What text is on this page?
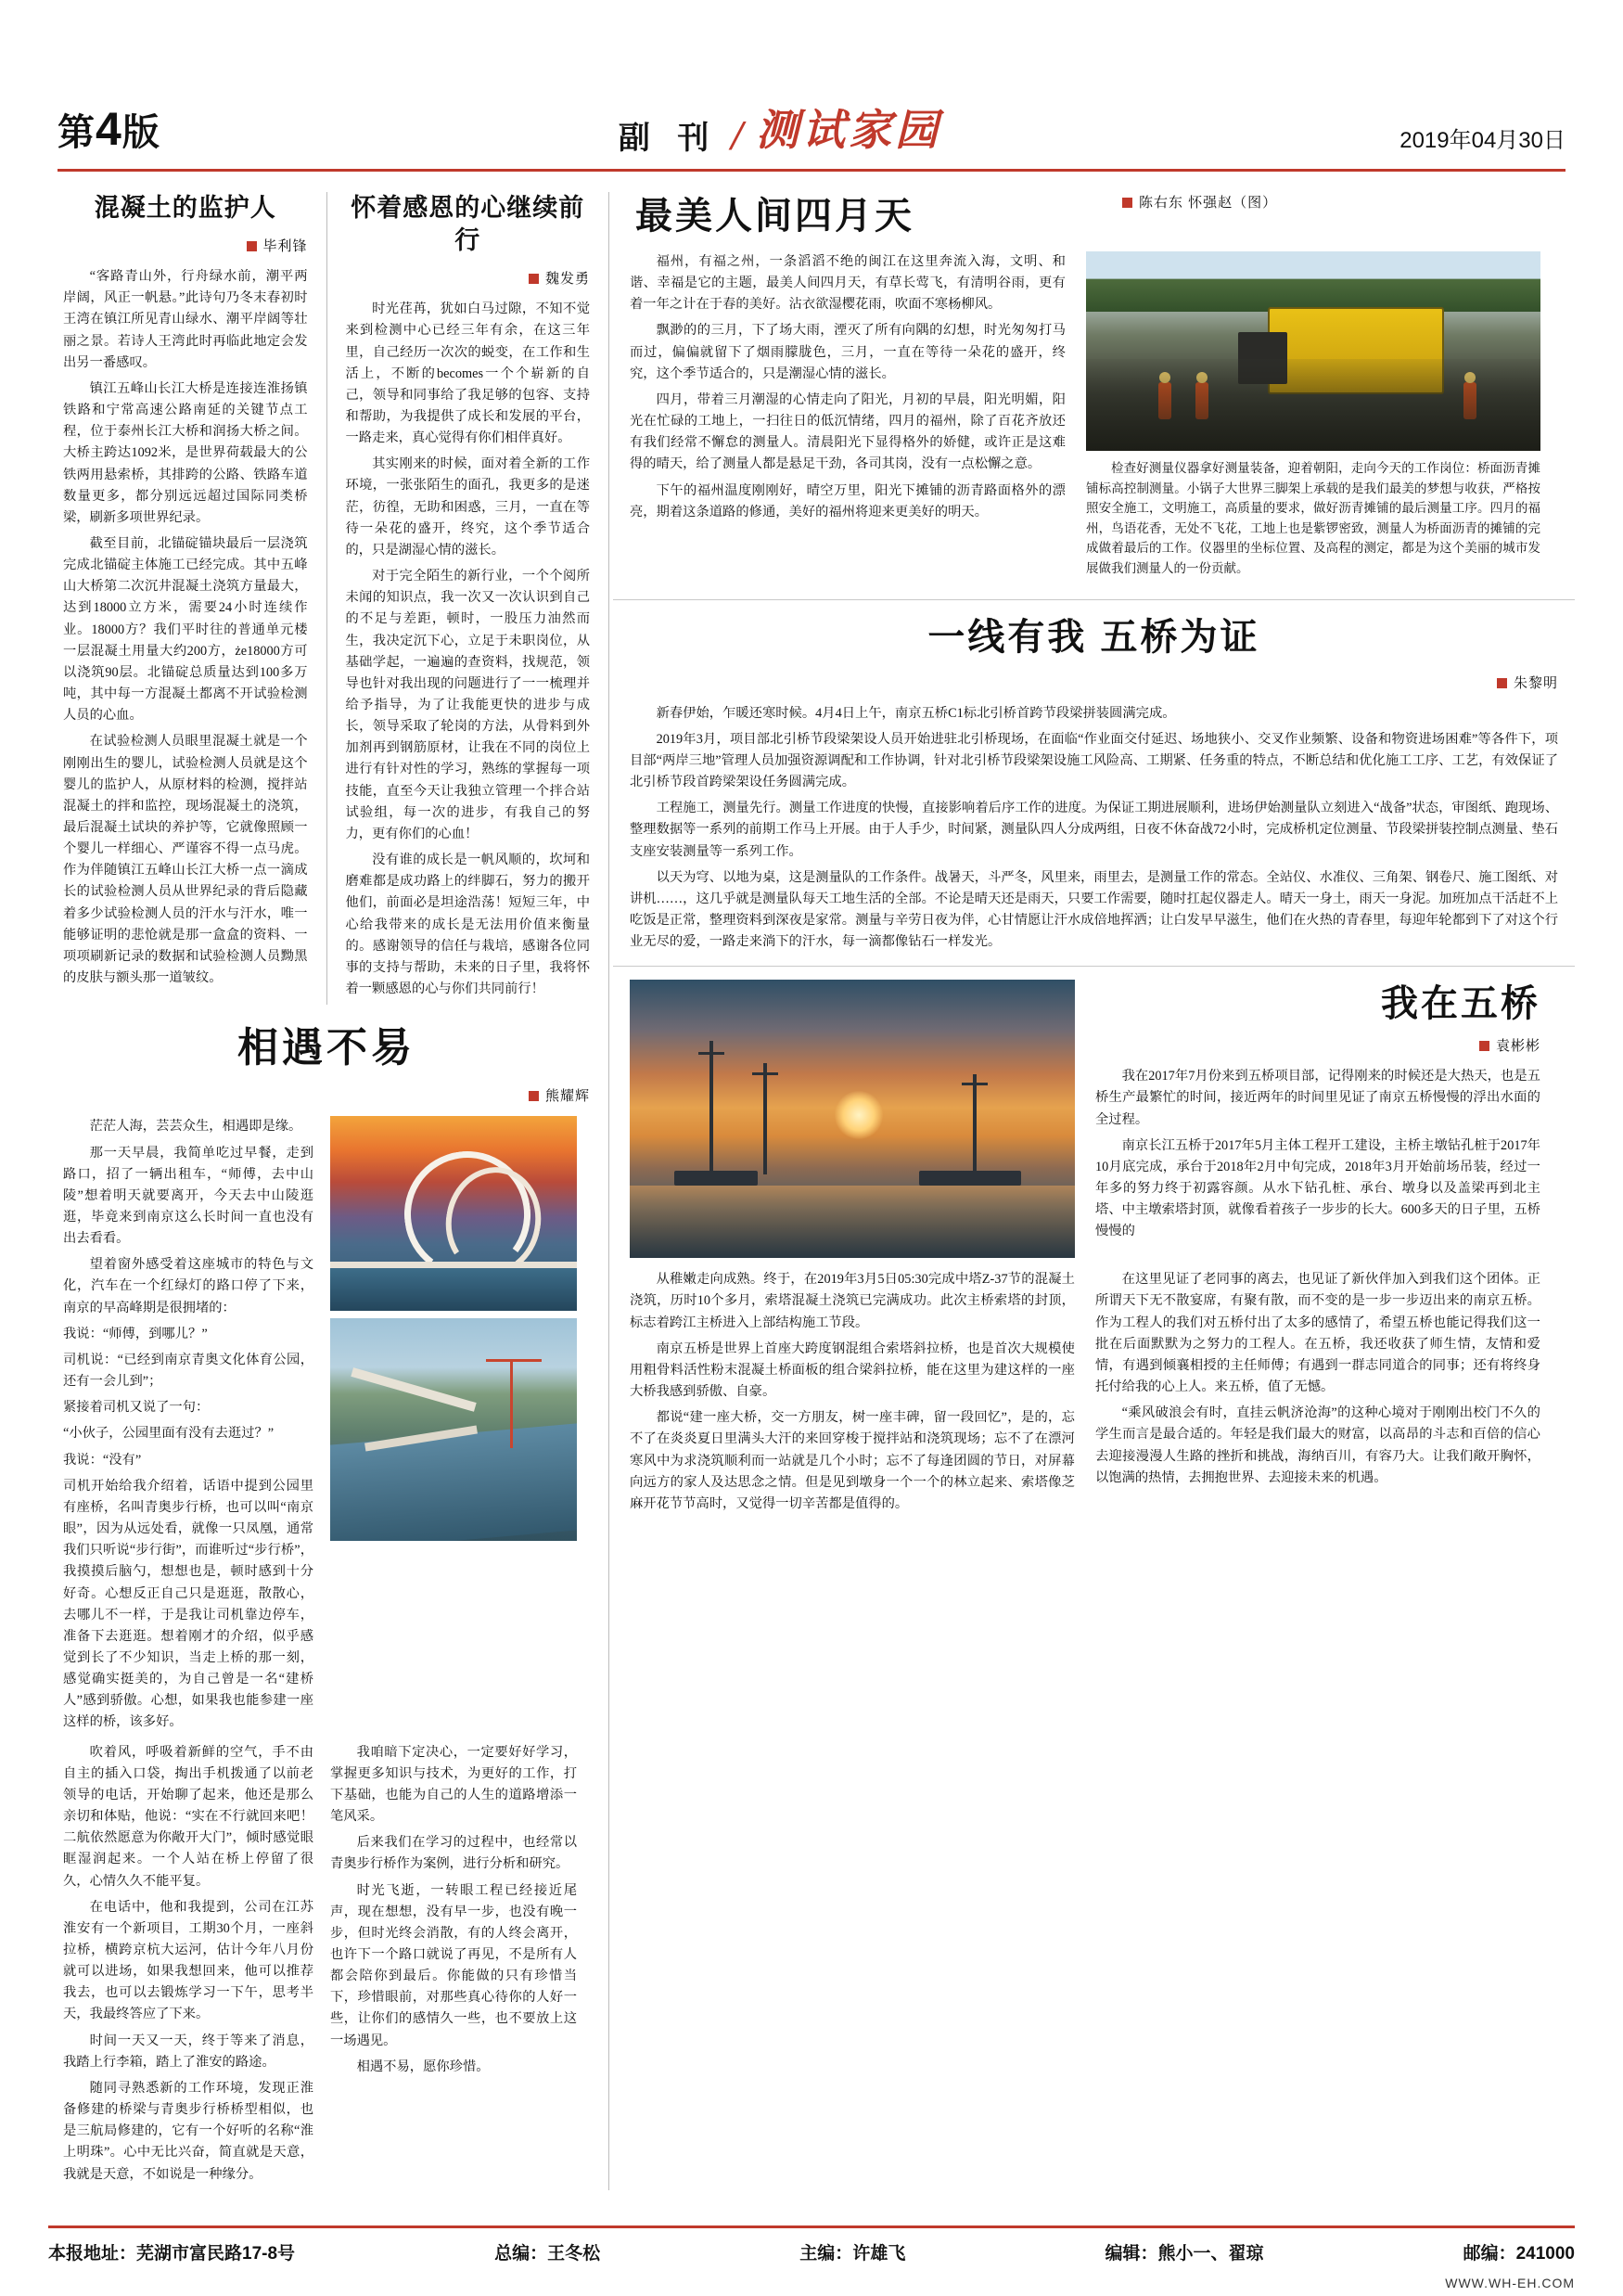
第4版	副 刊 / 测试家园	2019年04月30日
混凝土的监护人
毕利锋

“客路青山外，行舟绿水前，潮平两岸阔，风正一帆悬。”此诗句乃冬末春初时王湾在镇江所见青山绿水、潮平岸阔等壮丽之景。若诗人王湾此时再临此地定会发出另一番感叹。

镇江五峰山长江大桥是连接连淮扬镇铁路和宁常高速公路南延的关键节点工程，位于泰州长江大桥和润扬大桥之间。大桥主跨达1092米，是世界荷载最大的公铁两用悬索桥，其排跨的公路、铁路车道数量更多，都分别远远超过国际同类桥梁，刷新多项世界纪录。

截至目前，北锚碇锚块最后一层浇筑完成北锚碇主体施工已经完成。其中五峰山大桥第二次沉井混凝土浇筑方量最大，达到18000立方米，需要24小时连续作业。18000方？我们平时往的普通单元楼一层混凝土用量大约200方，że18000方可以浇筑90层。北锚碇总质量达到100多万吨，其中每一方混凝土都离不开试验检测人员的心血。

在试验检测人员眼里混凝土就是一个刚刚出生的婴儿，试验检测人员就是这个婴儿的监护人，从原材料的检测，搅拌站混凝土的拌和监控，现场混凝土的浇筑，最后混凝土试块的养护等，它就像照顾一个婴儿一样细心、严谨容不得一点马虎。作为伴随镇江五峰山长江大桥一点一滴成长的试验检测人员从世界纪录的背后隐藏着多少试验检测人员的汗水与汗水，唯一能够证明的悲怆就是那一盒盒的资料、一项项刷新记录的数据和试验检测人员黝黑的皮肤与额头那一道皱纹。

怀着感恩的心继续前行
魏发勇

时光荏苒，犹如白马过隙，不知不觉来到检测中心已经三年有余，在这三年里，自己经历一次次的蜕变，在工作和生活上，不断的becomes一个个崭新的自己，领导和同事给了我足够的包容、支持和帮助，为我提供了成长和发展的平台，一路走来，真心觉得有你们相伴真好。

其实刚来的时候，面对着全新的工作环境，一张张陌生的面孔，我更多的是迷茫，彷徨，无助和困惑，三月，一直在等待一朵花的盛开，终究，这个季节适合的，只是湖湿心情的滋长。

对于完全陌生的新行业，一个个阅所未闻的知识点，我一次又一次认识到自己的不足与差距，顿时，一股压力油然而生，我决定沉下心，立足于未职岗位，从基础学起，一遍遍的查资料，找规范，领导也针对我出现的问题进行了一一梳理并给予指导，为了让我能更快的进步与成长，领导采取了轮岗的方法，从骨料到外加剂再到钢筋原材，让我在不同的岗位上进行有针对性的学习，熟练的掌握每一项技能，直至今天让我独立管理一个拌合站试验组，每一次的进步，有我自己的努力，更有你们的心血！

没有谁的成长是一帆风顺的，坎坷和磨难都是成功路上的绊脚石，努力的搬开他们，前面必是坦途浩荡！短短三年，中心给我带来的成长是无法用价值来衡量的。感谢领导的信任与栽培，感谢各位同事的支持与帮助，未来的日子里，我将怀着一颗感恩的心与你们共同前行！

相遇不易
熊耀辉

茫茫人海，芸芸众生，相遇即是缘。

那一天早晨，我简单吃过早餐，走到路口，招了一辆出租车，“师傅，去中山陵”想着明天就要离开，今天去中山陵逛逛，毕竟来到南京这么长时间一直也没有出去看看。

望着窗外感受着这座城市的特色与文化，汽车在一个红绿灯的路口停了下来，南京的早高峰期是很拥堵的：

我说：“师傅，到哪儿？”

司机说：“已经到南京青奥文化体育公园，还有一会儿到”；

紧接着司机又说了一句：

“小伙子，公园里面有没有去逛过？”

我说：“没有”

司机开始给我介绍着，话语中提到公园里有座桥，名叫青奥步行桥，也可以叫“南京眼”，因为从远处看，就像一只凤凰，通常我们只听说“步行街”，而谁听过“步行桥”，我摸摸后脑勺，想想也是，顿时感到十分好奇。心想反正自己只是逛逛，散散心，去哪儿不一样，于是我让司机靠边停车，准备下去逛逛。想着刚才的介绍，似乎感觉到长了不少知识，当走上桥的那一刻，感觉确实挺美的，为自己曾是一名“建桥人”感到骄傲。心想，如果我也能参建一座这样的桥，该多好。

吹着风，呼吸着新鲜的空气，手不由自主的插入口袋，掏出手机拨通了以前老领导的电话，开始聊了起来，他还是那么亲切和体贴，他说：“实在不行就回来吧！二航依然愿意为你敞开大门”，倾时感觉眼眶湿润起来。一个人站在桥上停留了很久，心情久久不能平复。

在电话中，他和我提到，公司在江苏淮安有一个新项目，工期30个月，一座斜拉桥，横跨京杭大运河，估计今年八月份就可以进场，如果我想回来，他可以推荐我去，也可以去锻炼学习一下午，思考半天，我最终答应了下来。

时间一天又一天，终于等来了消息，我踏上行李箱，踏上了淮安的路途。

随同寻熟悉新的工作环境，发现正淮备修建的桥梁与青奥步行桥桥型相似，也是三航局修建的，它有一个好听的名称“淮上明珠”。心中无比兴奋，简直就是天意，我就是天意，不如说是一种缘分。

我咱暗下定决心，一定要好好学习，掌握更多知识与技术，为更好的工作，打下基础，也能为自己的人生的道路增添一笔风采。

后来我们在学习的过程中，也经常以青奥步行桥作为案例，进行分析和研究。

时光飞逝，一转眼工程已经接近尾声，现在想想，没有早一步，也没有晚一步，但时光终会消散，有的人终会离开，也许下一个路口就说了再见，不是所有人都会陪你到最后。你能做的只有珍惜当下，珍惜眼前，对那些真心待你的人好一些，让你们的感情久一些，也不要放上这一场遇见。

相遇不易，愿你珍惜。

最美人间四月天	陈右东 怀强赵（图）

福州，有福之州，一条滔滔不绝的闽江在这里奔流入海，文明、和谐、幸福是它的主题，最美人间四月天，有草长莺飞，有清明谷雨，更有着一年之计在于春的美好。沾衣欲湿樱花雨，吹面不寒杨柳风。

飘渺的的三月，下了场大雨，湮灭了所有向隅的幻想，时光匆匆打马而过，偏偏就留下了烟雨朦胧色，三月，一直在等待一朵花的盛开，终究，这个季节适合的，只是潮湿心情的滋长。

四月，带着三月潮湿的心情走向了阳光，月初的早晨，阳光明媚，阳光在忙碌的工地上，一扫往日的低沉情绪，四月的福州，除了百花齐放还有我们经常不懈怠的测量人。清晨阳光下显得格外的娇健，或许正是这难得的晴天，给了测量人都是悬足干劲，各司其岗，没有一点松懈之意。

下午的福州温度刚刚好，晴空万里，阳光下摊铺的沥青路面格外的漂亮，期着这条道路的修通，美好的福州将迎来更美好的明天。

检查好测量仪器拿好测量装备，迎着朝阳，走向今天的工作岗位：桥面沥青摊铺标高控制测量。小锅子大世界三脚架上承载的是我们最美的梦想与收获，严格按照安全施工，文明施工，高质量的要求，做好沥青摊铺的最后测量工序。四月的福州，鸟语花香，无处不飞花，工地上也是紫锣密致，测量人为桥面沥青的摊铺的完成做着最后的工作。仪器里的坐标位置、及高程的测定，都是为这个美丽的城市发展做我们测量人的一份贡献。

一线有我 五桥为证
朱黎明

新春伊始，乍暖还寒时候。4月4日上午，南京五桥C1标北引桥首跨节段梁拼装圆满完成。

2019年3月，项目部北引桥节段梁架设人员开始进驻北引桥现场，在面临“作业面交付延迟、场地狭小、交叉作业频繁、设备和物资进场困难”等各件下，项目部“两岸三地”管理人员加强资源调配和工作协调，针对北引桥节段梁架设施工风险高、工期紧、任务重的特点，不断总结和优化施工工序、工艺，有效保证了北引桥节段首跨梁架设任务圆满完成。

工程施工，测量先行。测量工作进度的快慢，直接影响着后序工作的进度。为保证工期进展顺利，进场伊始测量队立刻进入“战备”状态，审图纸、跑现场、整理数据等一系列的前期工作马上开展。由于人手少，时间紧，测量队四人分成两组，日夜不休奋战72小时，完成桥机定位测量、节段梁拼装控制点测量、垫石支座安装测量等一系列工作。

以天为穹、以地为桌，这是测量队的工作条件。战暑天，斗严冬，风里来，雨里去，是测量工作的常态。全站仪、水准仪、三角架、钢卷尺、施工图纸、对讲机……，这几乎就是测量队每天工地生活的全部。不论是晴天还是雨天，只要工作需要，随时扛起仪器走人。晴天一身土，雨天一身泥。加班加点干活赶不上吃饭是正常，整理资料到深夜是家常。测量与辛劳日夜为伴，心甘情愿让汗水成倍地挥洒；让白发早早滋生，他们在火热的青春里，每迎年轮都到下了对这个行业无尽的爱，一路走来淌下的汗水，每一滴都像钻石一样发光。

我在五桥
袁彬彬

我在2017年7月份来到五桥项目部，记得刚来的时候还是大热天，也是五桥生产最繁忙的时间，接近两年的时间里见证了南京五桥慢慢的浮出水面的全过程。

南京长江五桥于2017年5月主体工程开工建设，主桥主墩钻孔桩于2017年10月底完成，承台于2018年2月中旬完成，2018年3月开始前场吊装，经过一年多的努力终于初露容颜。从水下钻孔桩、承台、墩身以及盖梁再到北主塔、中主墩索塔封顶，就像看着孩子一步步的长大。600多天的日子里，五桥慢慢的

从稚嫩走向成熟。终于，在2019年3月5日05:30完成中塔Z-37节的混凝土浇筑，历时10个多月，索塔混凝土浇筑已完满成功。此次主桥索塔的封顶，标志着跨江主桥进入上部结构施工节段。

南京五桥是世界上首座大跨度钢混组合索塔斜拉桥，也是首次大规模使用粗骨料活性粉末混凝土桥面板的组合梁斜拉桥，能在这里为建这样的一座大桥我感到骄傲、自豪。

都说“建一座大桥，交一方朋友，树一座丰碑，留一段回忆”，是的，忘不了在炎炎夏日里满头大汗的来回穿梭于搅拌站和浇筑现场；忘不了在漂河寒风中为求浇筑顺利而一站就是几个小时；忘不了每逢团圆的节日，对屏幕向远方的家人及达思念之情。但是见到墩身一个一个的林立起来、索塔像芝麻开花节节高时，又觉得一切辛苦都是值得的。

在这里见证了老同事的离去，也见证了新伙伴加入到我们这个团体。正所谓天下无不散宴席，有聚有散，而不变的是一步一步迈出来的南京五桥。作为工程人的我们对五桥付出了太多的感情了，希望五桥也能记得我们这一批在后面默默为之努力的工程人。在五桥，我还收获了师生情，友情和爱情，有遇到倾襄相授的主任师傅；有遇到一群志同道合的同事；还有将终身托付给我的心上人。来五桥，值了无憾。

“乘风破浪会有时，直挂云帆济沧海”的这种心境对于刚刚出校门不久的学生而言是最合适的。年轻是我们最大的财富，以高昂的斗志和百倍的信心去迎接漫漫人生路的挫折和挑战，海纳百川，有容乃大。让我们敞开胸怀，以饱满的热情，去拥抱世界、去迎接未来的机遇。

本报地址：芜湖市富民路17-8号	总编：王冬松	主编：许雄飞	编辑：熊小一、翟琼	邮编：241000
WWW.WH-EH.COM
